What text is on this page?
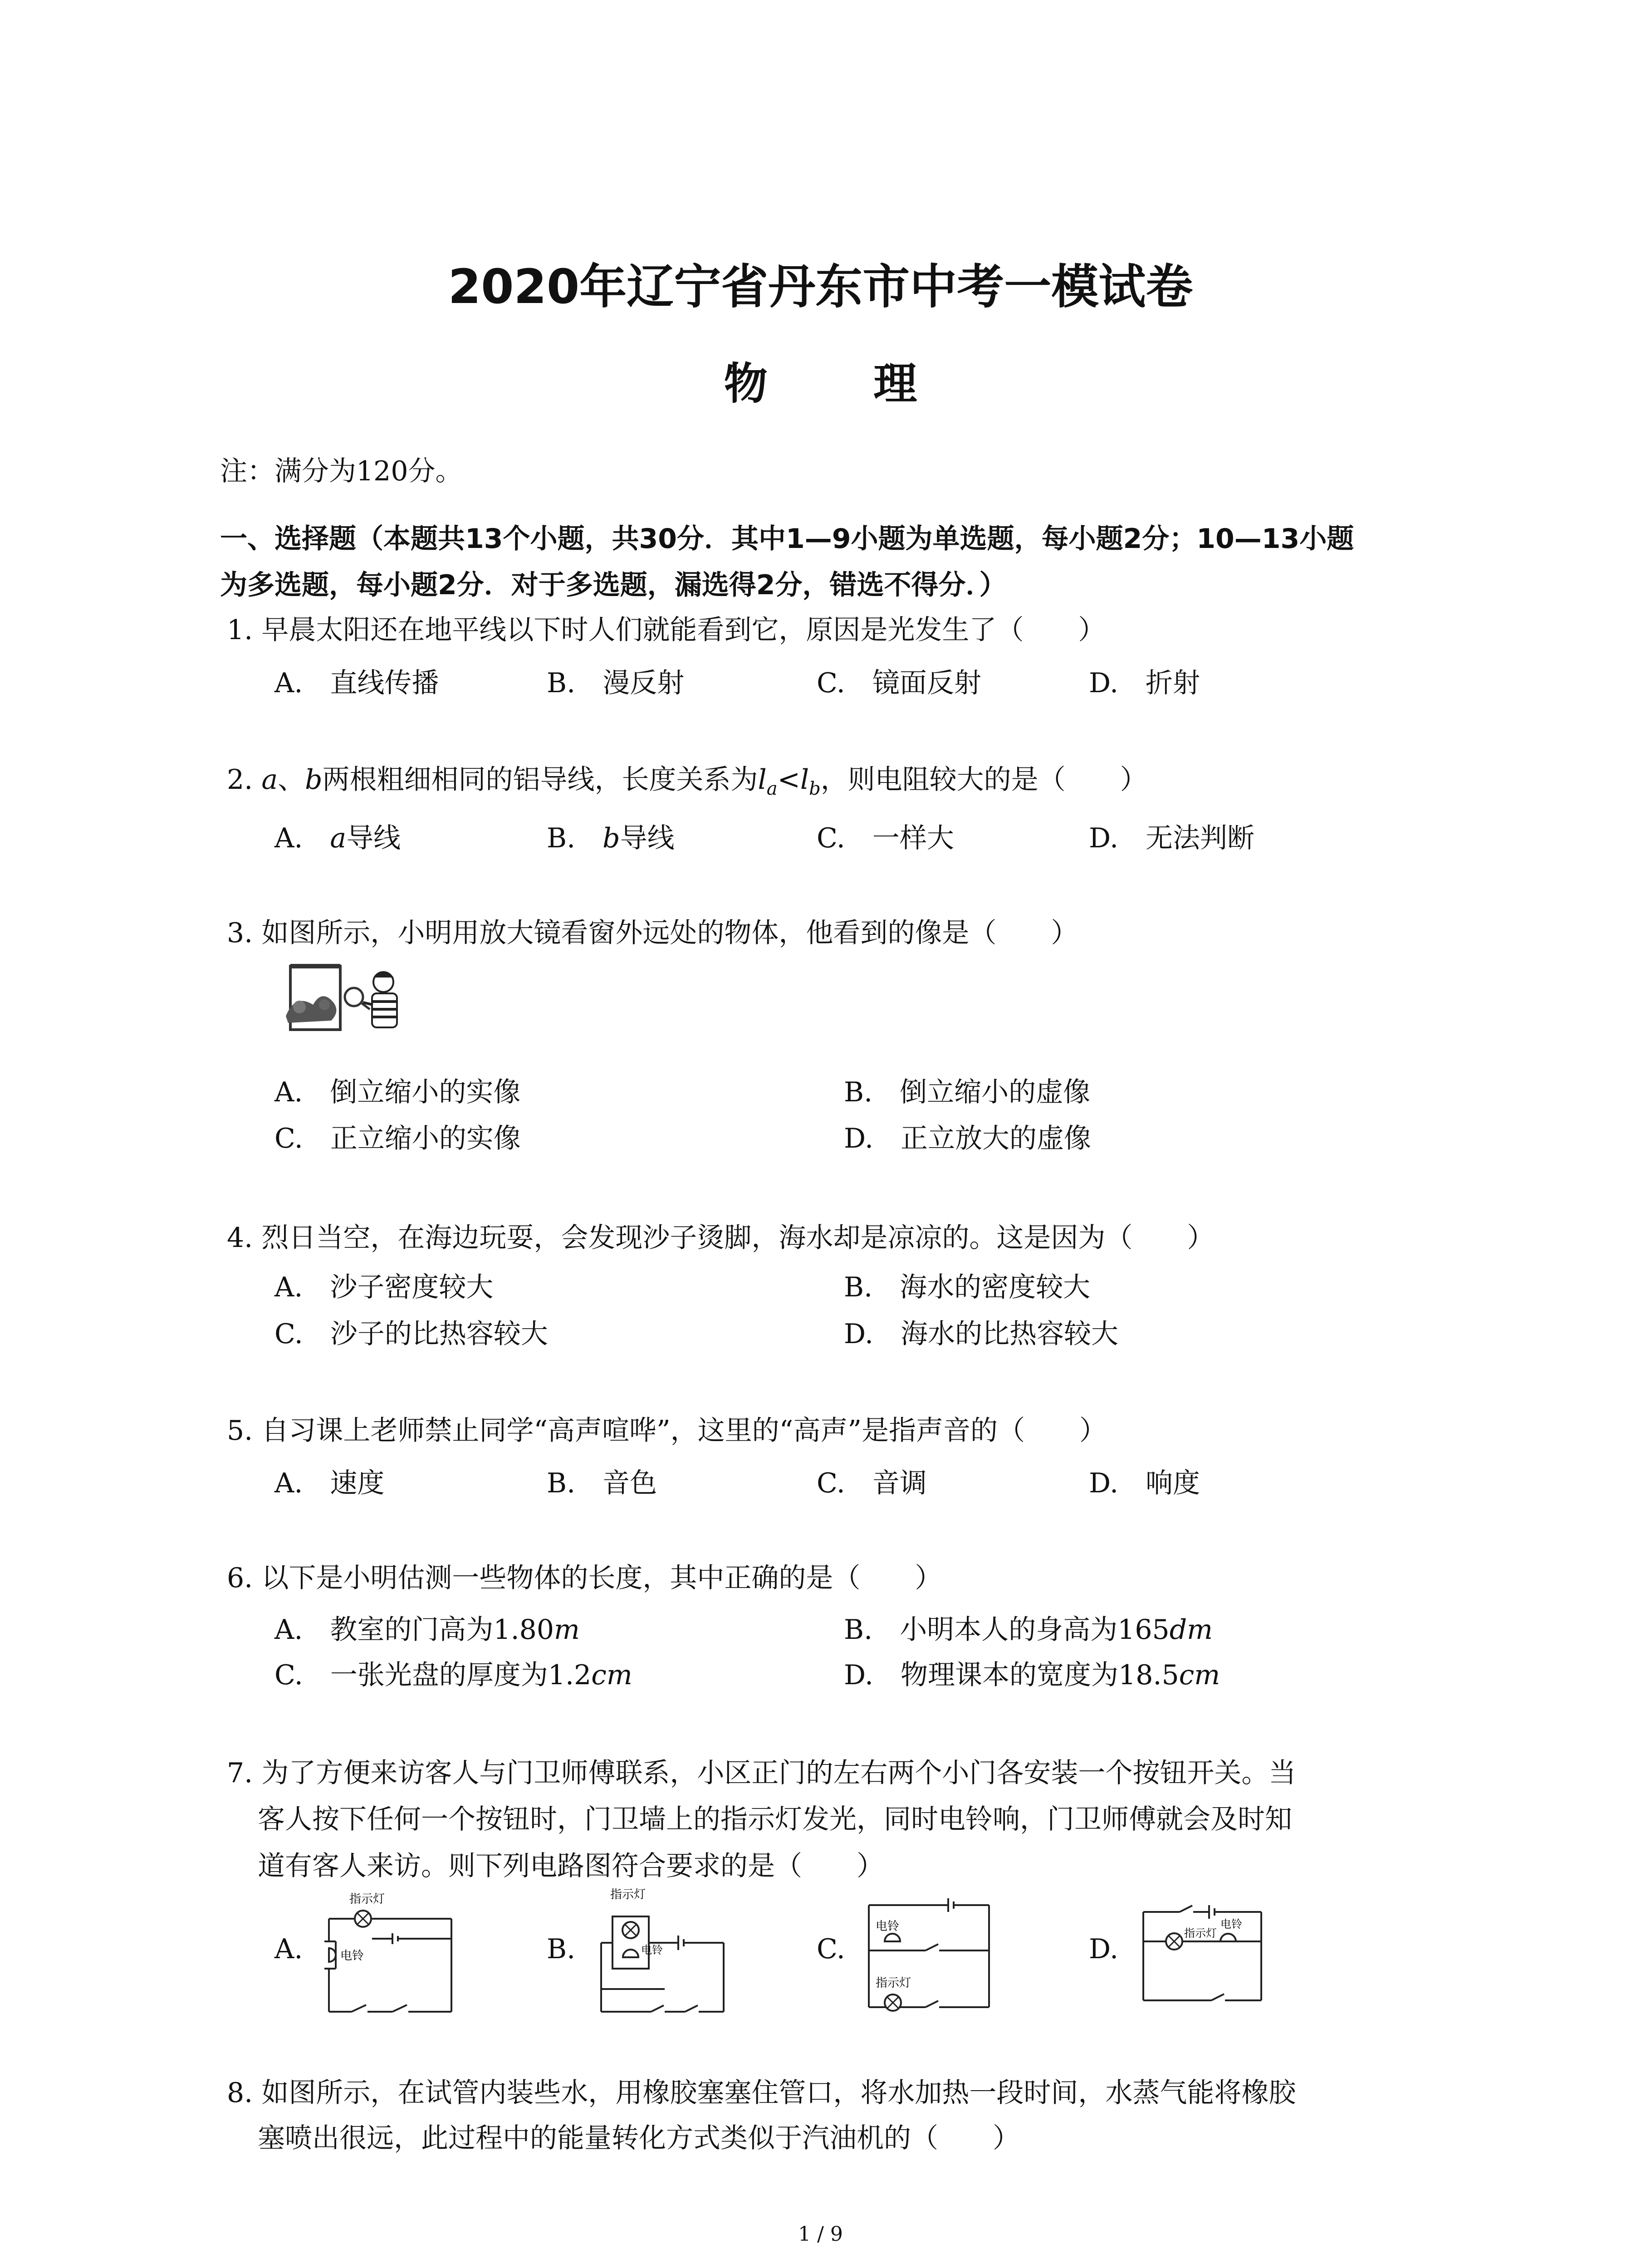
2020年辽宁省丹东市中考一模试卷
物 理
注：满分为120分。
一、选择题（本题共13个小题，共30分．其中1—9小题为单选题，每小题2分；10—13小题
为多选题，每小题2分．对于多选题，漏选得2分，错选不得分．）
1. 早晨太阳还在地平线以下时人们就能看到它，原因是光发生了（　　）
A.　直线传播	B.　漫反射	C.　镜面反射	D.　折射
2. a、b两根粗细相同的铝导线，长度关系为$l_a<l_b$，则电阻较大的是（　　）
A.　a导线	B.　b导线	C.　一样大	D.　无法判断
3. 如图所示，小明用放大镜看窗外远处的物体，他看到的像是（　　）
A.　倒立缩小的实像	B.　倒立缩小的虚像
C.　正立缩小的实像	D.　正立放大的虚像
4. 烈日当空，在海边玩耍，会发现沙子烫脚，海水却是凉凉的。这是因为（　　）
A.　沙子密度较大	B.　海水的密度较大
C.　沙子的比热容较大	D.　海水的比热容较大
5. 自习课上老师禁止同学“高声喧哗”，这里的“高声”是指声音的（　　）
A.　速度	B.　音色	C.　音调	D.　响度
6. 以下是小明估测一些物体的长度，其中正确的是（　　）
A.　教室的门高为1.80m	B.　小明本人的身高为165dm
C.　一张光盘的厚度为1.2cm	D.　物理课本的宽度为18.5cm
7. 为了方便来访客人与门卫师傅联系，小区正门的左右两个小门各安装一个按钮开关。当
客人按下任何一个按钮时，门卫墙上的指示灯发光，同时电铃响，门卫师傅就会及时知
道有客人来访。则下列电路图符合要求的是（　　）
A.	B.	C.	D.
指示灯
电铃
指示灯
电铃
电铃
指示灯
指示灯
电铃
8. 如图所示，在试管内装些水，用橡胶塞塞住管口，将水加热一段时间，水蒸气能将橡胶
塞喷出很远，此过程中的能量转化方式类似于汽油机的（　　）
1 / 9
